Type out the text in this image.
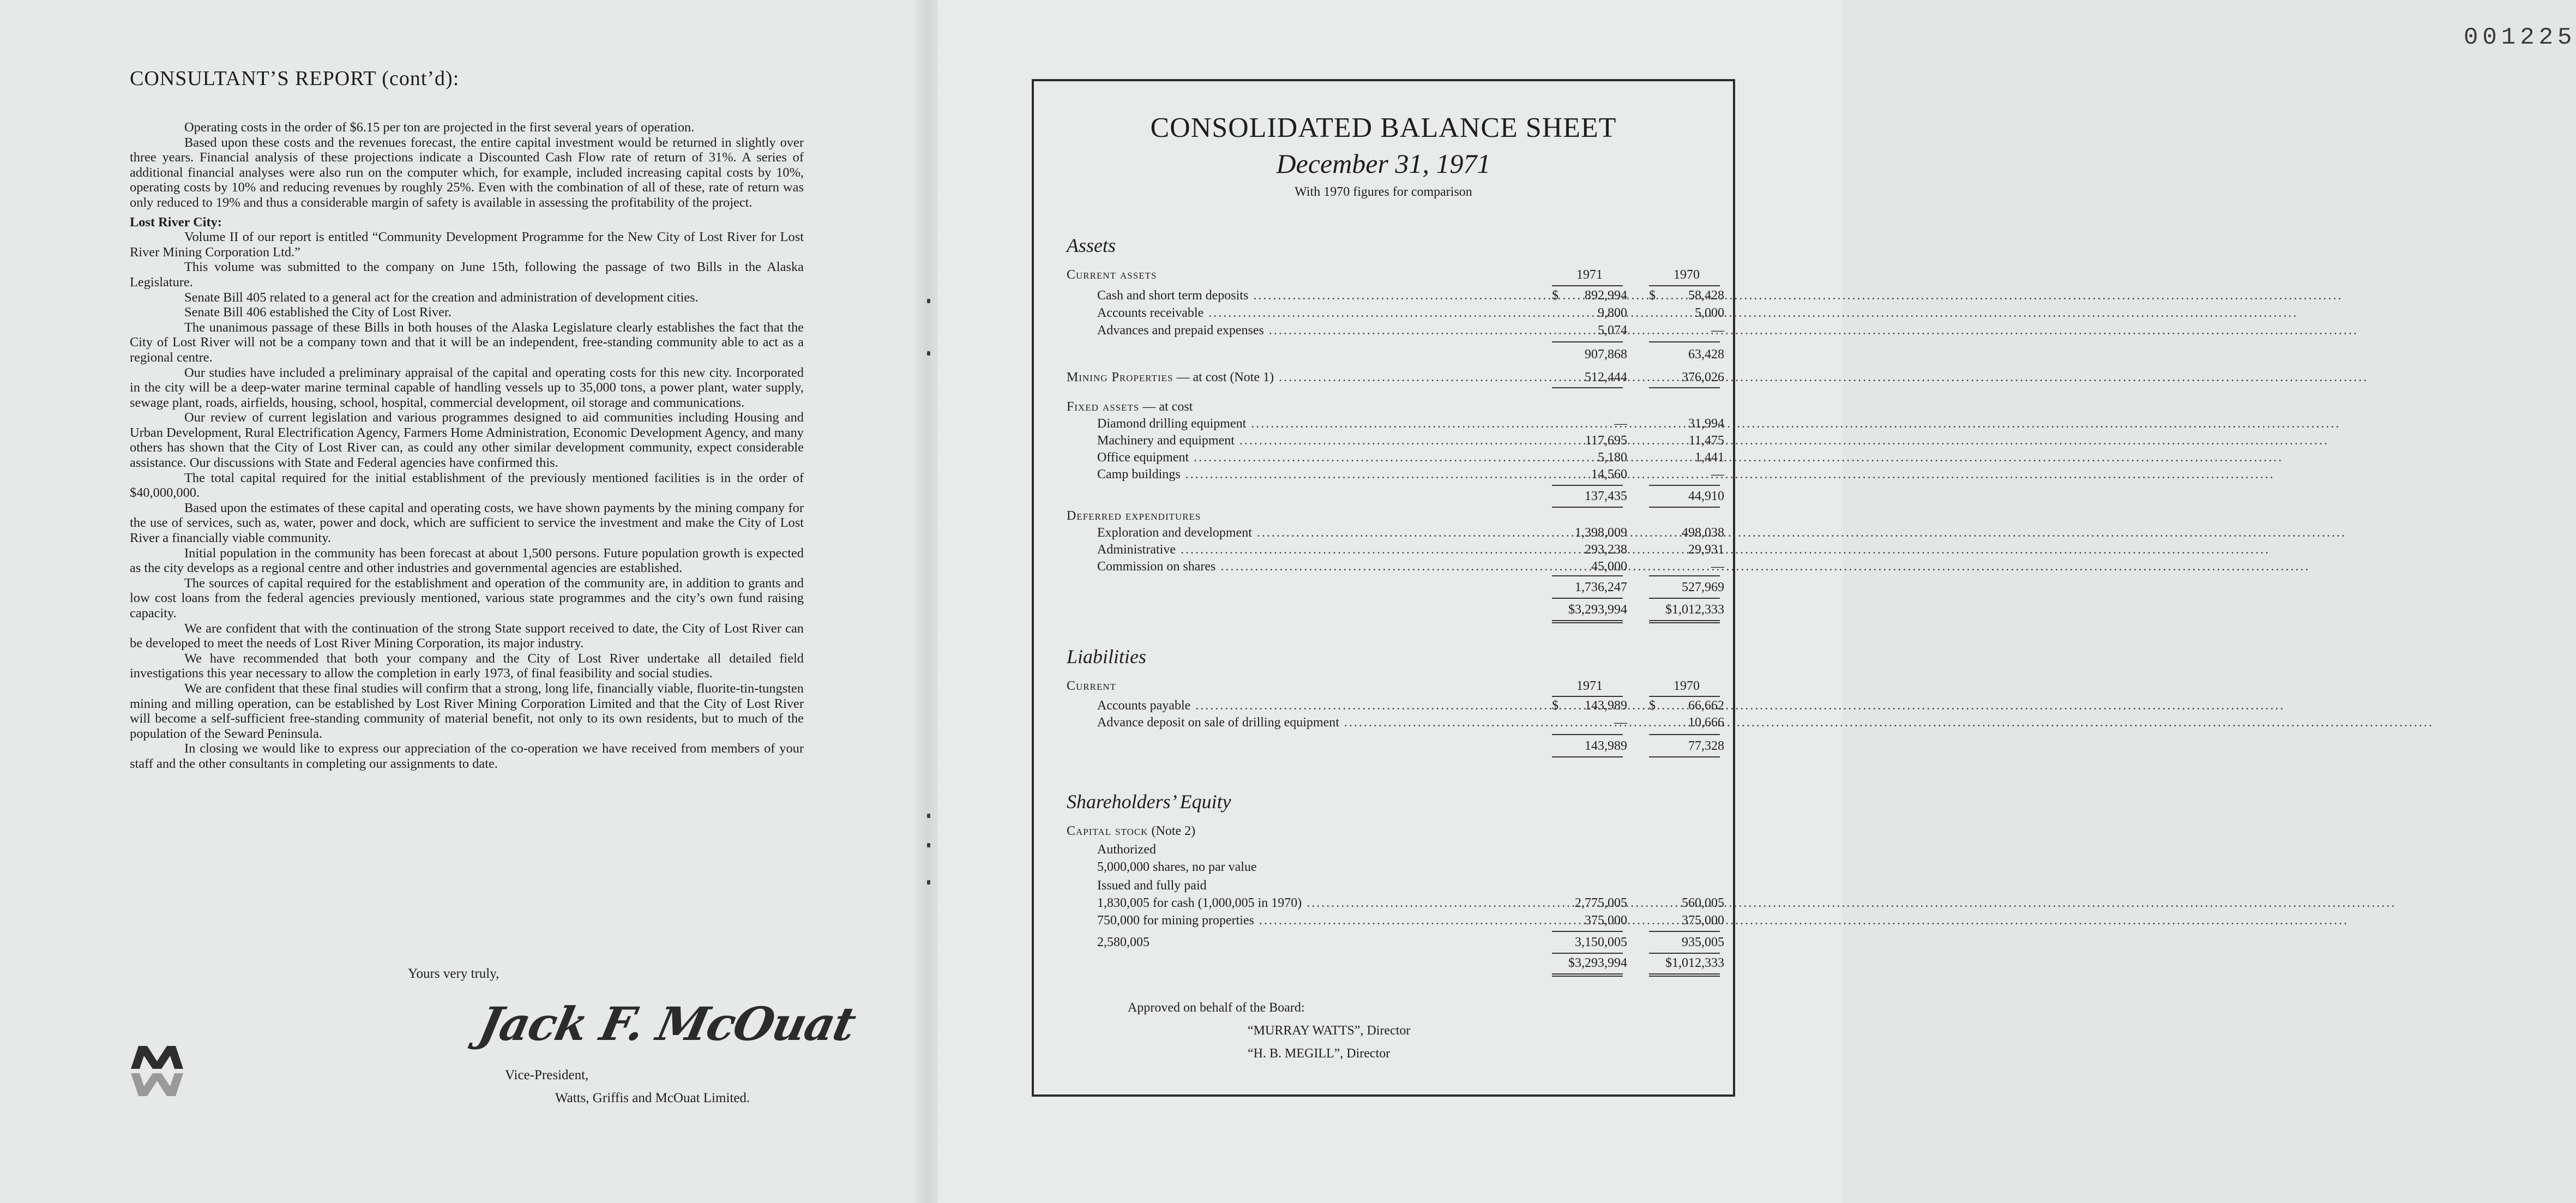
CONSULTANT’S REPORT (cont’d):

Operating costs in the order of $6.15 per ton are projected in the first several years of operation.

Based upon these costs and the revenues forecast, the entire capital investment would be returned in slightly over three years. Financial analysis of these projections indicate a Discounted Cash Flow rate of return of 31%. A series of additional financial analyses were also run on the computer which, for example, included increasing capital costs by 10%, operating costs by 10% and reducing revenues by roughly 25%. Even with the combination of all of these, rate of return was only reduced to 19% and thus a considerable margin of safety is available in assessing the profitability of the project.

Lost River City:

Volume II of our report is entitled “Community Development Programme for the New City of Lost River for Lost River Mining Corporation Ltd.”

This volume was submitted to the company on June 15th, following the passage of two Bills in the Alaska Legislature.

Senate Bill 405 related to a general act for the creation and administration of development cities.

Senate Bill 406 established the City of Lost River.

The unanimous passage of these Bills in both houses of the Alaska Legislature clearly establishes the fact that the City of Lost River will not be a company town and that it will be an independent, free-standing community able to act as a regional centre.

Our studies have included a preliminary appraisal of the capital and operating costs for this new city. Incorporated in the city will be a deep-water marine terminal capable of handling vessels up to 35,000 tons, a power plant, water supply, sewage plant, roads, airfields, housing, school, hospital, commercial development, oil storage and communications.

Our review of current legislation and various programmes designed to aid communities including Housing and Urban Development, Rural Electrification Agency, Farmers Home Administration, Economic Development Agency, and many others has shown that the City of Lost River can, as could any other similar development community, expect considerable assistance. Our discussions with State and Federal agencies have confirmed this.

The total capital required for the initial establishment of the previously mentioned facilities is in the order of $40,000,000.

Based upon the estimates of these capital and operating costs, we have shown payments by the mining company for the use of services, such as, water, power and dock, which are sufficient to service the investment and make the City of Lost River a financially viable community.

Initial population in the community has been forecast at about 1,500 persons. Future population growth is expected as the city develops as a regional centre and other industries and governmental agencies are established.

The sources of capital required for the establishment and operation of the community are, in addition to grants and low cost loans from the federal agencies previously mentioned, various state programmes and the city’s own fund raising capacity.

We are confident that with the continuation of the strong State support received to date, the City of Lost River can be developed to meet the needs of Lost River Mining Corporation, its major industry.

We have recommended that both your company and the City of Lost River undertake all detailed field investigations this year necessary to allow the completion in early 1973, of final feasibility and social studies.

We are confident that these final studies will confirm that a strong, long life, financially viable, fluorite-tin-tungsten mining and milling operation, can be established by Lost River Mining Corporation Limited and that the City of Lost River will become a self-sufficient free-standing community of material benefit, not only to its own residents, but to much of the population of the Seward Peninsula.

In closing we would like to express our appreciation of the co-operation we have received from members of your staff and the other consultants in completing our assignments to date.

Yours very truly,
Jack F. McOuat
Vice-President,
Watts, Griffis and McOuat Limited.
001225
CONSOLIDATED BALANCE SHEET
December 31, 1971
With 1970 figures for comparison
Assets
Current assets	1971	1970
Cash and short term deposits .....	$ 892,994 $	58,428
Accounts receivable .....	9,800	5,000
Advances and prepaid expenses .....	5,074	—
907,868	63,428
Mining Properties — at cost (Note 1) .....	512,444	376,026
Fixed assets — at cost
Diamond drilling equipment .....	—	31,994
Machinery and equipment .....	117,695	11,475
Office equipment .....	5,180	1,441
Camp buildings .....	14,560	—
137,435	44,910
Deferred expenditures
Exploration and development .....	1,398,009	498,038
Administrative .....	293,238	29,931
Commission on shares .....	45,000	—
1,736,247	527,969
$3,293,994	$1,012,333
Liabilities
Current	1971	1970
Accounts payable .....	$ 143,989 $	66,662
Advance deposit on sale of drilling equipment .....	—	10,666
143,989	77,328
Shareholders’ Equity
Capital stock (Note 2)
Authorized
5,000,000 shares, no par value
Issued and fully paid
1,830,005 for cash (1,000,005 in 1970) .....	2,775,005	560,005
750,000 for mining properties .....	375,000	375,000
2,580,005	3,150,005	935,005
$3,293,994	$1,012,333
Approved on behalf of the Board:
“MURRAY WATTS”, Director
“H. B. MEGILL”, Director
